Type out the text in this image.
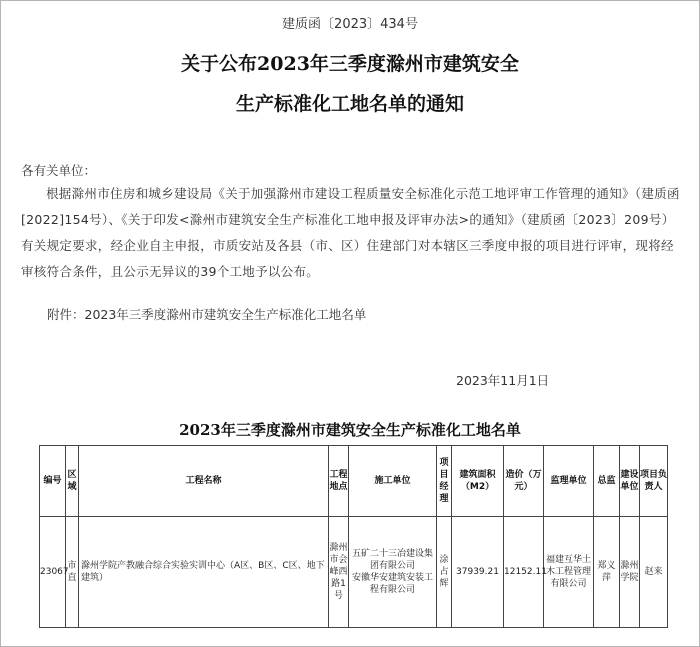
建质函〔2023〕434号
关于公布2023年三季度滁州市建筑安全
生产标准化工地名单的通知
各有关单位：
根据滁州市住房和城乡建设局《关于加强滁州市建设工程质量安全标准化示范工地评审工作管理的通知》（建质函[2022]154号）、《关于印发<滁州市建筑安全生产标准化工地申报及评审办法>的通知》（建质函〔2023〕209号）有关规定要求，经企业自主申报，市质安站及各县（市、区）住建部门对本辖区三季度申报的项目进行评审，现将经审核符合条件，且公示无异议的39个工地予以公布。
附件：2023年三季度滁州市建筑安全生产标准化工地名单
2023年11月1日
2023年三季度滁州市建筑安全生产标准化工地名单
编号	区域	工程名称	工程地点	施工单位	项目经理	建筑面积（M2）	造价（万元）	监理单位	总监	建设单位	项目负责人
23067	市直	滁州学院产教融合综合实验实训中心（A区、B区、C区、地下建筑）	滁州市会峰西路1号	五矿二十三冶建设集团有限公司
安徽华安建筑安装工程有限公司	涂占辉	37939.21	12152.11	福建互华土木工程管理有限公司	郑义萍	滁州学院	赵来
